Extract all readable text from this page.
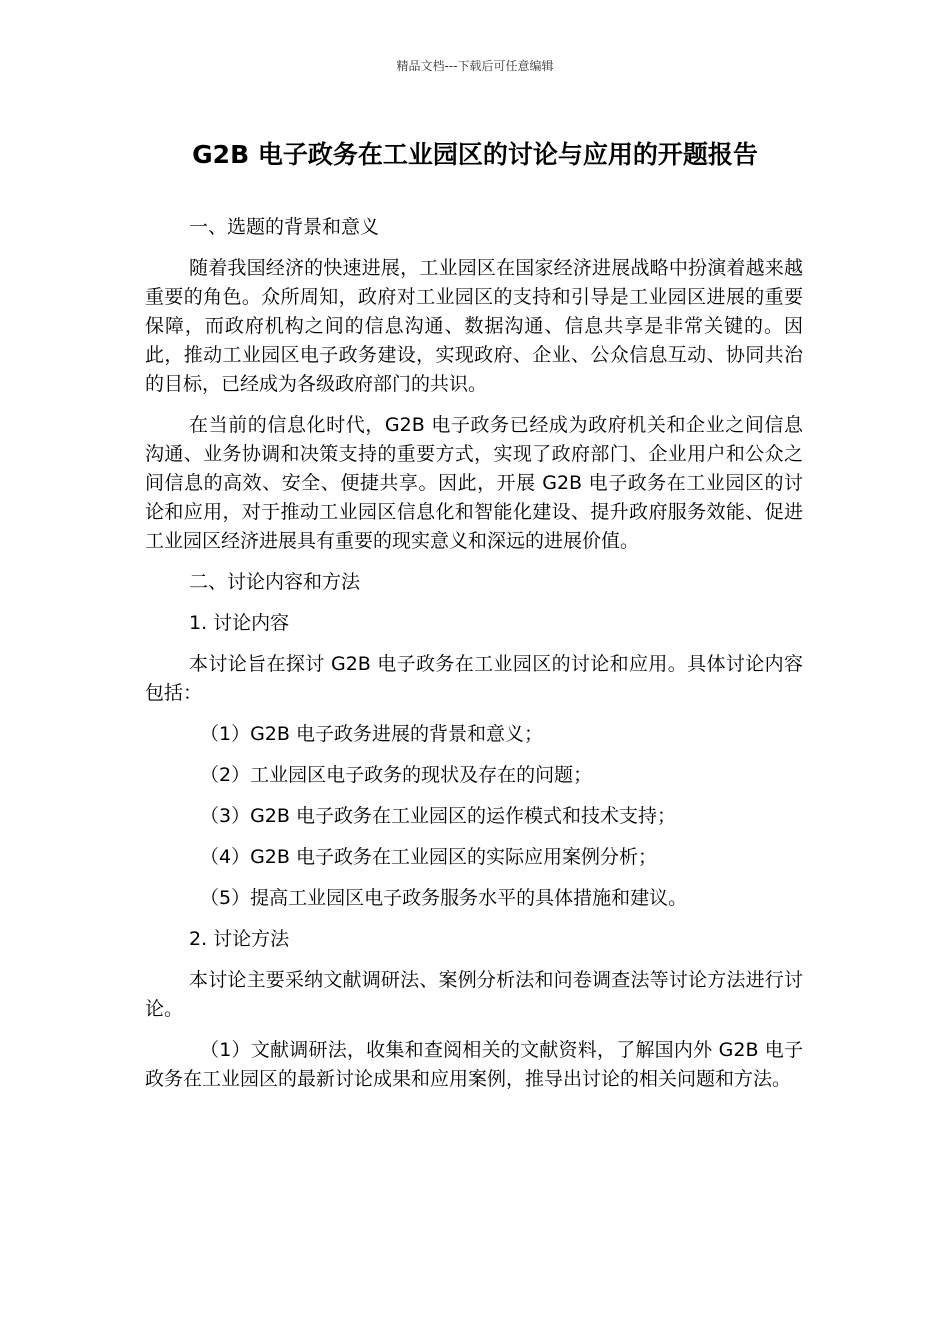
精品文档---下载后可任意编辑
G2B 电子政务在工业园区的讨论与应用的开题报告

一、选题的背景和意义

随着我国经济的快速进展，工业园区在国家经济进展战略中扮演着越来越重要的角色。众所周知，政府对工业园区的支持和引导是工业园区进展的重要保障，而政府机构之间的信息沟通、数据沟通、信息共享是非常关键的。因此，推动工业园区电子政务建设，实现政府、企业、公众信息互动、协同共治的目标，已经成为各级政府部门的共识。

在当前的信息化时代，G2B 电子政务已经成为政府机关和企业之间信息沟通、业务协调和决策支持的重要方式，实现了政府部门、企业用户和公众之间信息的高效、安全、便捷共享。因此，开展 G2B 电子政务在工业园区的讨论和应用，对于推动工业园区信息化和智能化建设、提升政府服务效能、促进工业园区经济进展具有重要的现实意义和深远的进展价值。

二、讨论内容和方法

1. 讨论内容

本讨论旨在探讨 G2B 电子政务在工业园区的讨论和应用。具体讨论内容包括：

（1）G2B 电子政务进展的背景和意义；

（2）工业园区电子政务的现状及存在的问题；

（3）G2B 电子政务在工业园区的运作模式和技术支持；

（4）G2B 电子政务在工业园区的实际应用案例分析；

（5）提高工业园区电子政务服务水平的具体措施和建议。

2. 讨论方法

本讨论主要采纳文献调研法、案例分析法和问卷调查法等讨论方法进行讨论。

（1）文献调研法，收集和查阅相关的文献资料，了解国内外 G2B 电子政务在工业园区的最新讨论成果和应用案例，推导出讨论的相关问题和方法。
